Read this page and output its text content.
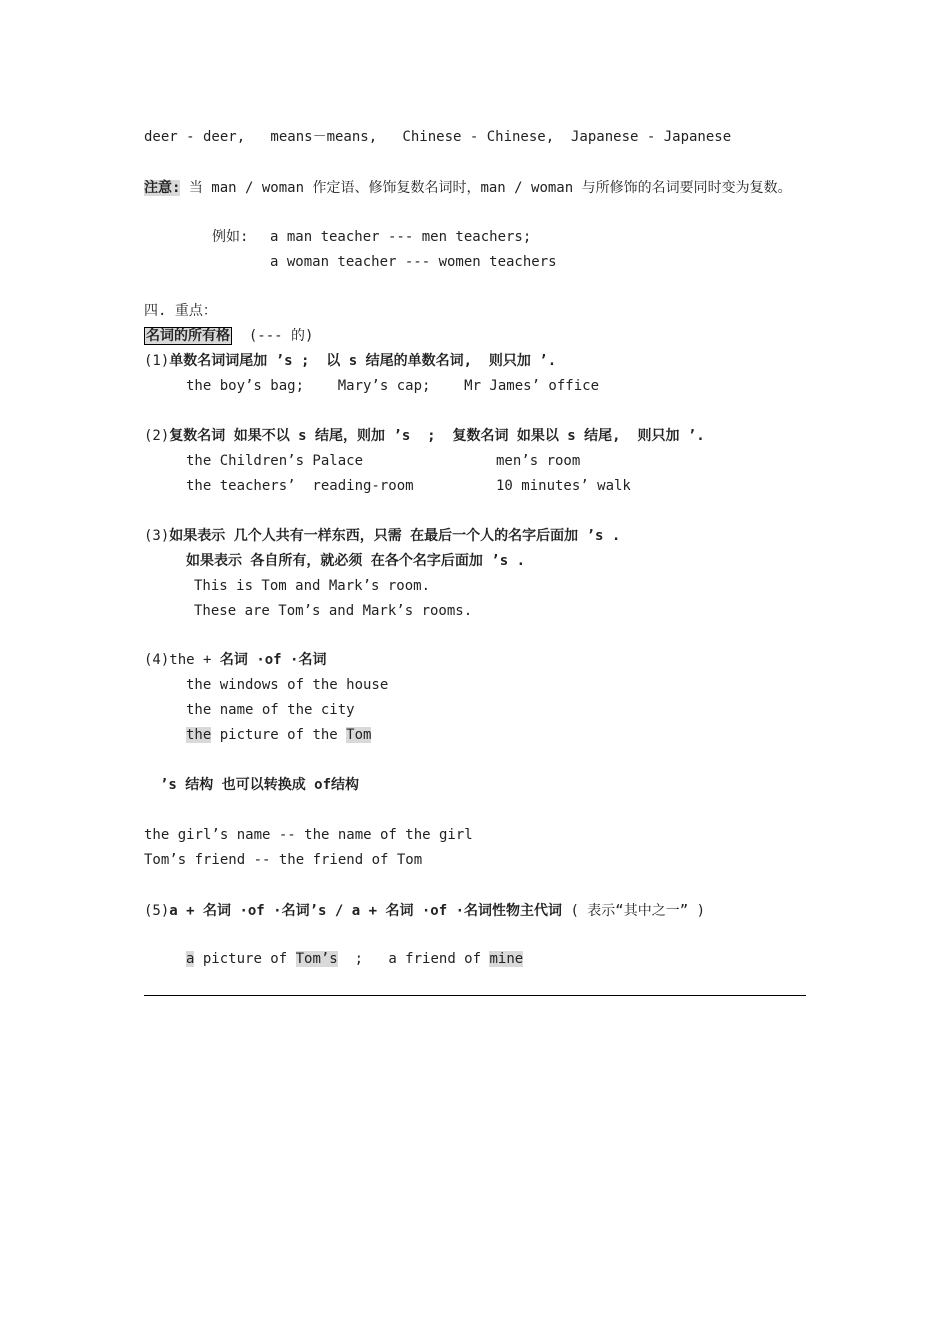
deer - deer,   means－means,   Chinese - Chinese,  Japanese - Japanese
注意: 当 man / woman 作定语、修饰复数名词时，man / woman 与所修饰的名词要同时变为复数。
例如: a man teacher --- men teachers;
a woman teacher --- women teachers
四. 重点：
名词的所有格  (--- 的)
(1)单数名词词尾加 ’s ;  以 s 结尾的单数名词,  则只加 ’.
the boy’s bag;    Mary’s cap;    Mr James’ office
(2)复数名词 如果不以 s 结尾，则加 ’s  ;  复数名词 如果以 s 结尾,  则只加 ’.
the Children’s Palace	men’s room
the teachers’  reading-room	10 minutes’ walk
(3)如果表示 几个人共有一样东西，只需 在最后一个人的名字后面加 ’s .
如果表示 各自所有，就必须 在各个名字后面加 ’s .
This is Tom and Mark’s room.
These are Tom’s and Mark’s rooms.
(4)the + 名词 ·of ·名词
the windows of the house
the name of the city
the picture of the Tom
’s 结构 也可以转换成 of结构
the girl’s name -- the name of the girl
Tom’s friend -- the friend of Tom
(5)a + 名词 ·of ·名词’s / a + 名词 ·of ·名词性物主代词 ( 表示“其中之一” )
a picture of Tom’s  ;   a friend of mine
